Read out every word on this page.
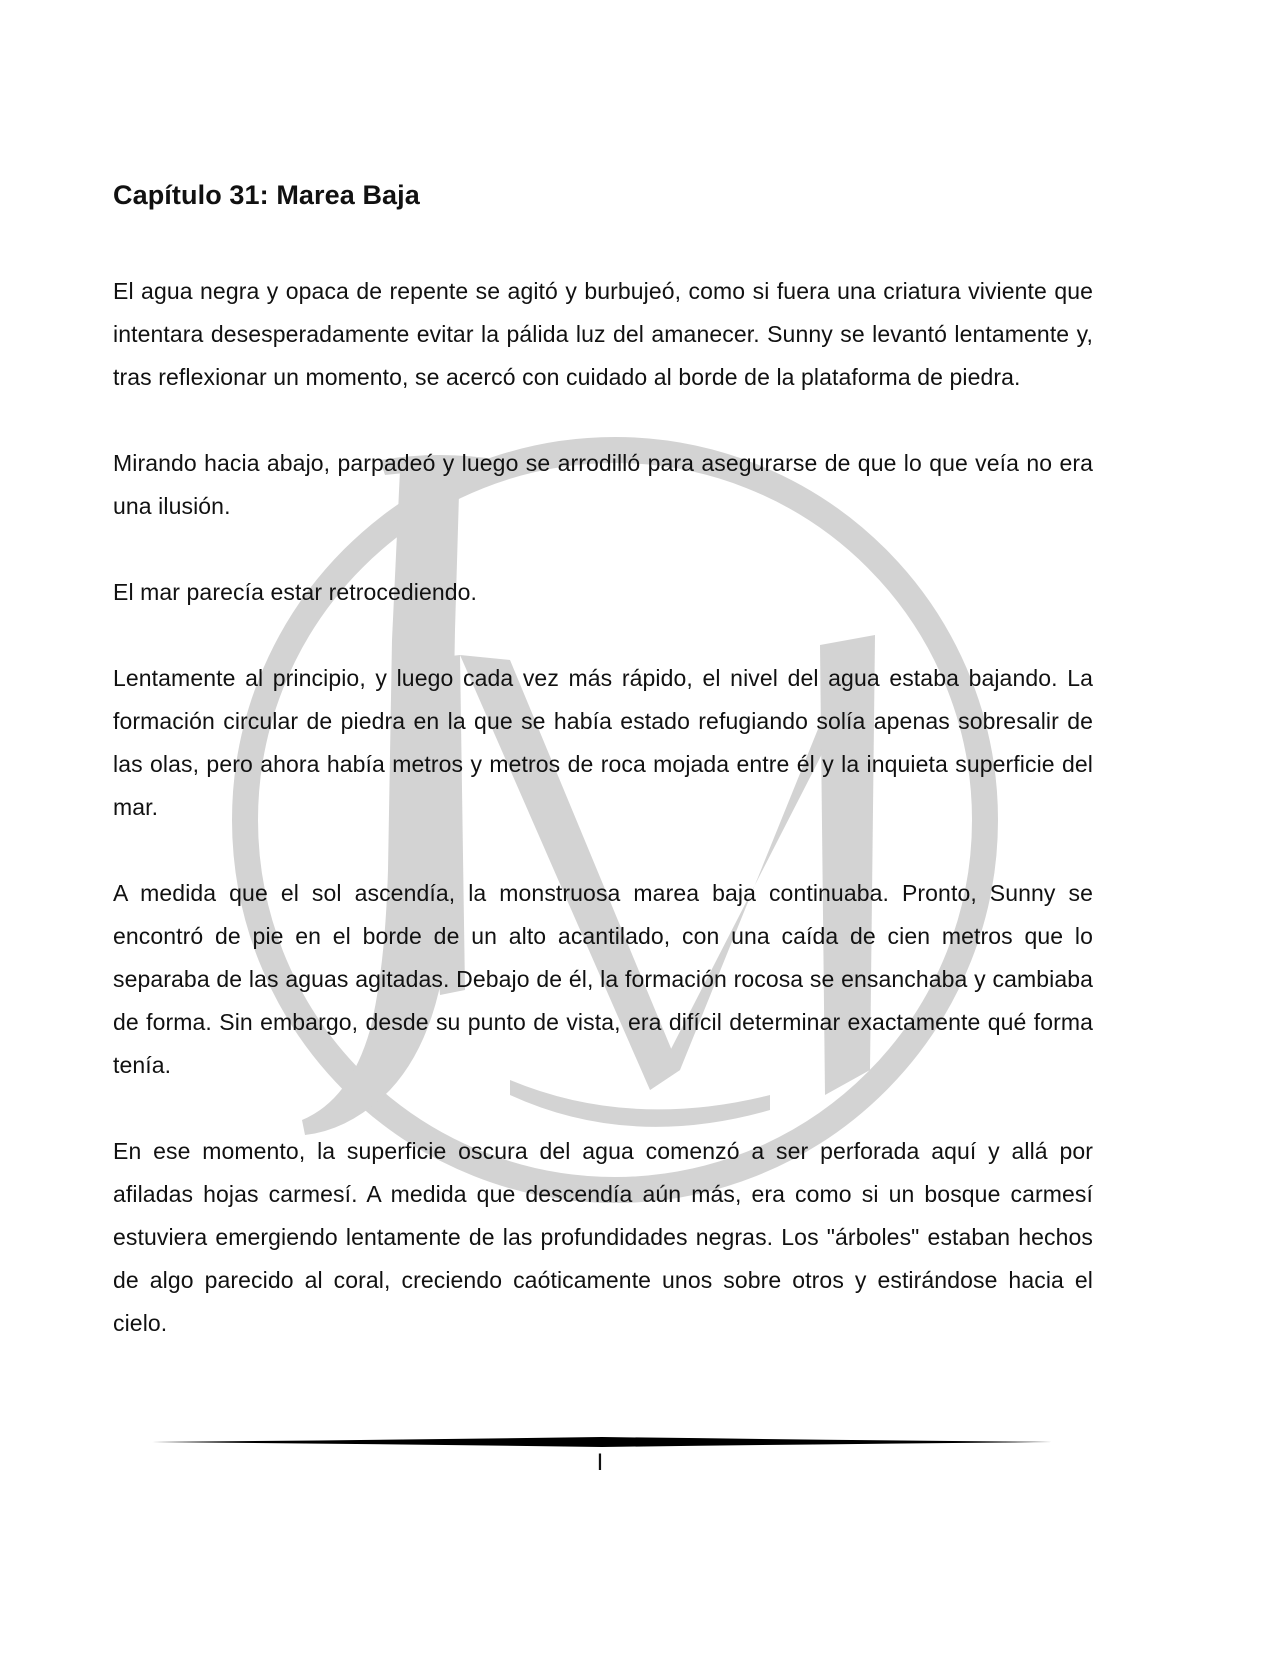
Capítulo 31: Marea Baja

El agua negra y opaca de repente se agitó y burbujeó, como si fuera una criatura viviente que intentara desesperadamente evitar la pálida luz del amanecer. Sunny se levantó lentamente y, tras reflexionar un momento, se acercó con cuidado al borde de la plataforma de piedra.

Mirando hacia abajo, parpadeó y luego se arrodilló para asegurarse de que lo que veía no era una ilusión.

El mar parecía estar retrocediendo.

Lentamente al principio, y luego cada vez más rápido, el nivel del agua estaba bajando. La formación circular de piedra en la que se había estado refugiando solía apenas sobresalir de las olas, pero ahora había metros y metros de roca mojada entre él y la inquieta superficie del mar.

A medida que el sol ascendía, la monstruosa marea baja continuaba. Pronto, Sunny se encontró de pie en el borde de un alto acantilado, con una caída de cien metros que lo separaba de las aguas agitadas. Debajo de él, la formación rocosa se ensanchaba y cambiaba de forma. Sin embargo, desde su punto de vista, era difícil determinar exactamente qué forma tenía.

En ese momento, la superficie oscura del agua comenzó a ser perforada aquí y allá por afiladas hojas carmesí. A medida que descendía aún más, era como si un bosque carmesí estuviera emergiendo lentamente de las profundidades negras. Los "árboles" estaban hechos de algo parecido al coral, creciendo caóticamente unos sobre otros y estirándose hacia el cielo.

I
